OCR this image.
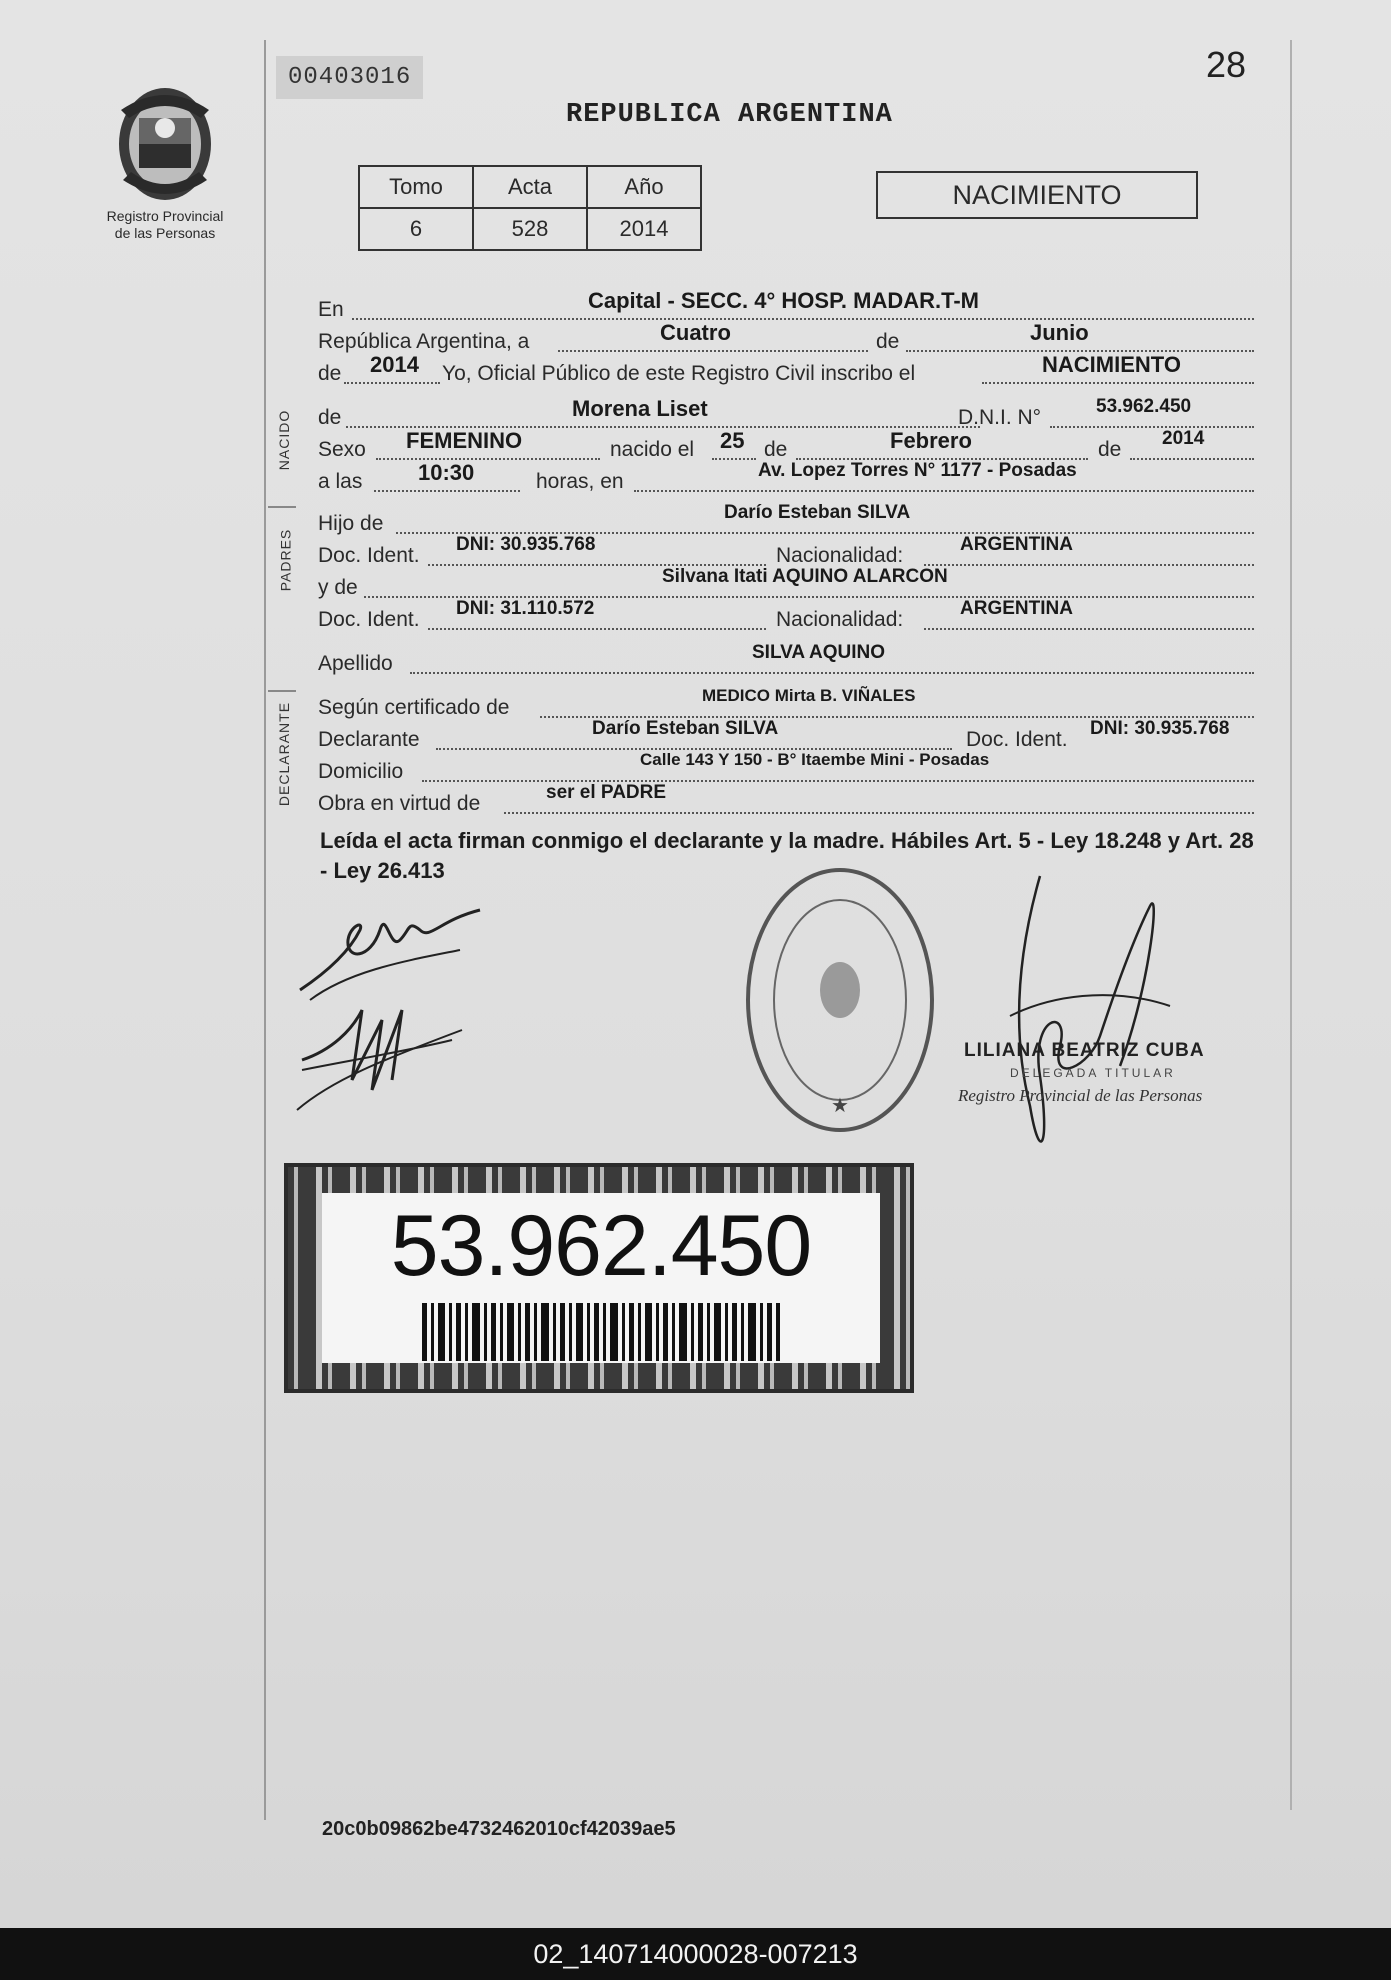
Registro Provincial
de las Personas
00403016	28
REPUBLICA ARGENTINA
Tomo	Acta	Año
6	528	2014
NACIMIENTO
En	Capital - SECC. 4° HOSP. MADAR.T-M
República Argentina, a	Cuatro	de	Junio
de 2014 Yo, Oficial Público de este Registro Civil inscribo el	NACIMIENTO
NACIDO de	Morena Liset	D.N.I. N°	53.962.450
Sexo FEMENINO	nacido el 25 de	Febrero	de 2014
a las	10:30	horas, en	Av. Lopez Torres N° 1177 - Posadas
PADRES
Hijo de	Darío Esteban SILVA
Doc. Ident. DNI: 30.935.768	Nacionalidad:	ARGENTINA
y de	Silvana Itati AQUINO ALARCON
Doc. Ident. DNI: 31.110.572	Nacionalidad:	ARGENTINA
Apellido	SILVA AQUINO
DECLARANTE Según certificado de
MEDICO Mirta B. VIÑALES
Declarante	Darío Esteban SILVA	Doc. Ident. DNI: 30.935.768
Domicilio
Calle 143 Y 150 - B° Itaembe Mini - Posadas
Obra en virtud de	ser el PADRE
Leída el acta firman conmigo el declarante y la madre. Hábiles Art. 5 - Ley 18.248 y Art. 28 - Ley 26.413
★
LILIANA BEATRIZ CUBA
DELEGADA TITULAR
Registro Provincial de las Personas
53.962.450
20c0b09862be4732462010cf42039ae5
02_140714000028-007213
